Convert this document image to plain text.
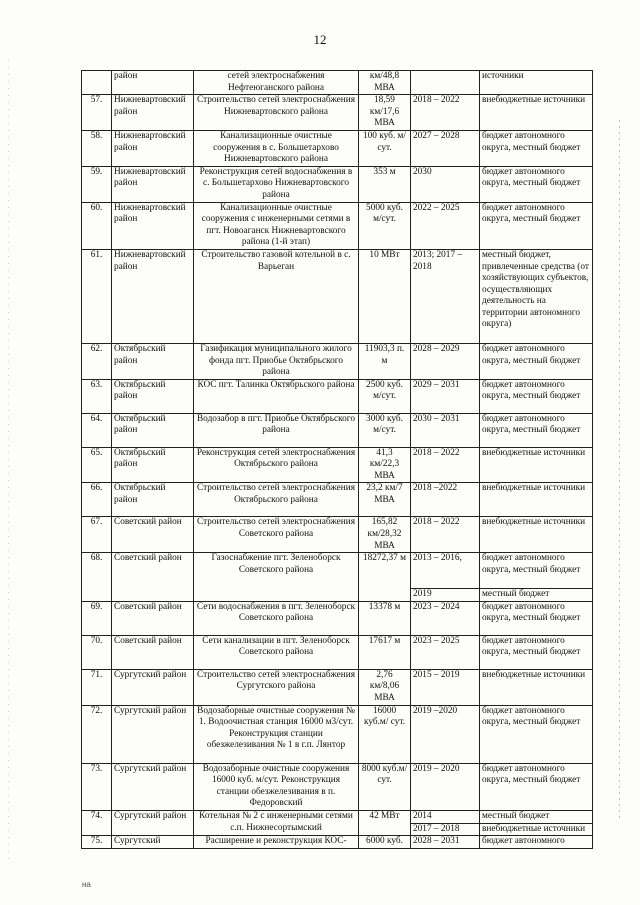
12
	район	сетей электроснабжения Нефтеюганского района	км/48,8 МВА		источники
57.	Нижневартовский район	Строительство сетей электроснабжения Нижневартовского района	18,59 км/17,6 МВА	2018 – 2022	внебюджетные источники
58.	Нижневартовский район	Канализационные очистные сооружения в с. Большетархово Нижневартовского района	100 куб. м/сут.	2027 – 2028	бюджет автономного округа, местный бюджет
59.	Нижневартовский район	Реконструкция сетей водоснабжения в с. Большетархово Нижневартовского района	353 м	2030	бюджет автономного округа, местный бюджет
60.	Нижневартовский район	Канализационные очистные сооружения с инженерными сетями в пгт. Новоаганск Нижневартовского района (1-й этап)	5000 куб. м/сут.	2022 – 2025	бюджет автономного округа, местный бюджет
61.	Нижневартовский район	Строительство газовой котельной в с. Варьеган	10 МВт	2013; 2017 –2018	местный бюджет, привлеченные средства (от хозяйствующих субъектов, осуществляющих деятельность на территории автономного округа)
62.	Октябрьский район	Газификация муниципального жилого фонда пгт. Приобье Октябрьского района	11903,3 п. м	2028 – 2029	бюджет автономного округа, местный бюджет
63.	Октябрьский район	КОС пгт. Талинка Октябрьского района	2500 куб. м/сут.	2029 – 2031	бюджет автономного округа, местный бюджет
64.	Октябрьский район	Водозабор в пгт. Приобье Октябрьского района	3000 куб. м/сут.	2030 – 2031	бюджет автономного округа, местный бюджет
65.	Октябрьский район	Реконструкция сетей электроснабжения Октябрьского района	41,3 км/22,3 МВА	2018 – 2022	внебюджетные источники
66.	Октябрьский район	Строительство сетей электроснабжения Октябрьского района	23,2 км/7 МВА	2018 –2022	внебюджетные источники
67.	Советский район	Строительство сетей электроснабжения Советского района	165,82 км/28,32 МВА	2018 – 2022	внебюджетные источники
68.	Советский район	Газоснабжение пгт. Зеленоборск Советского района	18272,37 м	2013 – 2016,	бюджет автономного округа, местный бюджет
				2019	местный бюджет
69.	Советский район	Сети водоснабжения в пгт. Зеленоборск Советского района	13378 м	2023 – 2024	бюджет автономного округа, местный бюджет
70.	Советский район	Сети канализации в пгт. Зеленоборск Советского района	17617 м	2023 – 2025	бюджет автономного округа, местный бюджет
71.	Сургутский район	Строительство сетей электроснабжения Сургутского района	2,76 км/8,06 МВА	2015 – 2019	внебюджетные источники
72.	Сургутский район	Водозаборные очистные сооружения № 1. Водоочистная станция 16000 м3/сут. Реконструкция станции обезжелезивания № 1 в г.п. Лянтор	16000 куб.м/ сут.	2019 –2020	бюджет автономного округа, местный бюджет
73.	Сургутский район	Водозаборные очистные сооружения 16000 куб. м/сут. Реконструкция станции обезжелезивания в п. Федоровский	8000 куб.м/ сут.	2019 – 2020	бюджет автономного округа, местный бюджет
74.	Сургутский район	Котельная № 2 с инженерными сетями с.п. Нижнесортымский	42 МВт	2014	местный бюджет
				2017 – 2018	внебюджетные источники
75.	Сургутский	Расширение и реконструкция КОС-	6000 куб.	2028 – 2031	бюджет автономного
на
